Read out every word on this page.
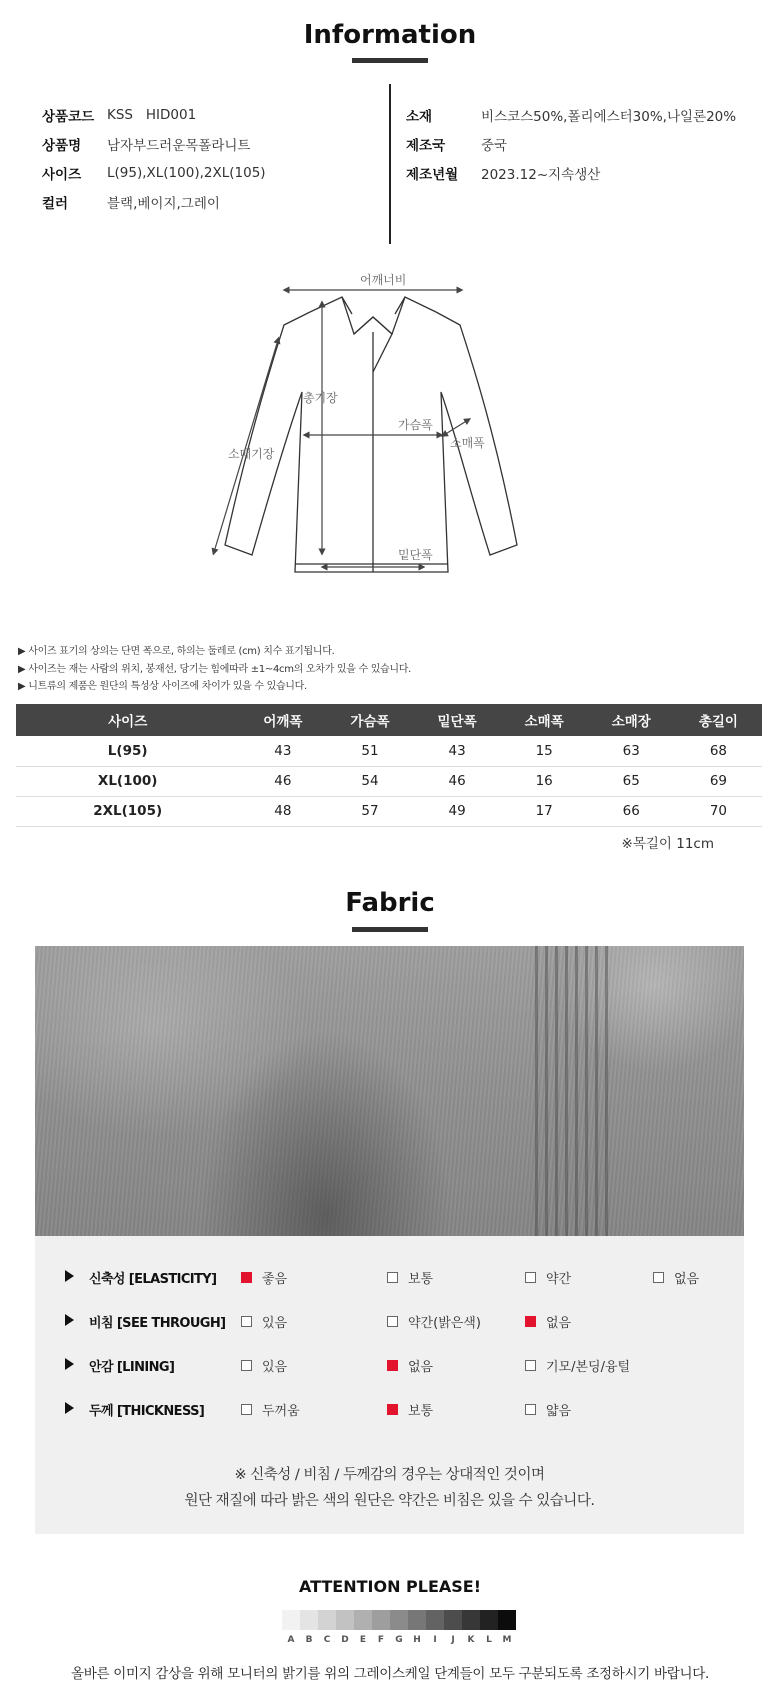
Information
상품코드 KSS   HID001
상품명	남자부드러운목폴라니트
사이즈	L(95),XL(100),2XL(105)
컬러	블랙,베이지,그레이
소재	비스코스50%,폴리에스터30%,나일론20%
제조국	중국
제조년월	2023.12~지속생산
어깨너비
총기장
가슴폭
소매폭
소매기장
밑단폭
▶ 사이즈 표기의 상의는 단면 폭으로, 하의는 둘레로 (cm) 치수 표기됩니다.
▶ 사이즈는 재는 사람의 위치, 봉재선, 당기는 힘에따라 ±1~4cm의 오차가 있을 수 있습니다.
▶ 니트류의 제품은 원단의 특성상 사이즈에 차이가 있을 수 있습니다.
사이즈	어깨폭	가슴폭	밑단폭	소매폭	소매장	총길이
L(95)	43	51	43	15	63	68
XL(100)	46	54	46	16	65	69
2XL(105)	48	57	49	17	66	70
※목길이 11cm
Fabric
신축성 [ELASTICITY]	좋음	보통	약간	없음
비침 [SEE THROUGH]	있음	약간(밝은색)	없음
안감 [LINING]	있음	없음	기모/본딩/융털
두께 [THICKNESS]	두꺼움	보통	얇음
※ 신축성 / 비침 / 두께감의 경우는 상대적인 것이며
원단 재질에 따라 밝은 색의 원단은 약간은 비침은 있을 수 있습니다.
ATTENTION PLEASE!
A	B	C	D	E	F	G	H	I	J	K	L	M
올바른 이미지 감상을 위해 모니터의 밝기를 위의 그레이스케일 단계들이 모두 구분되도록 조정하시기 바랍니다.
